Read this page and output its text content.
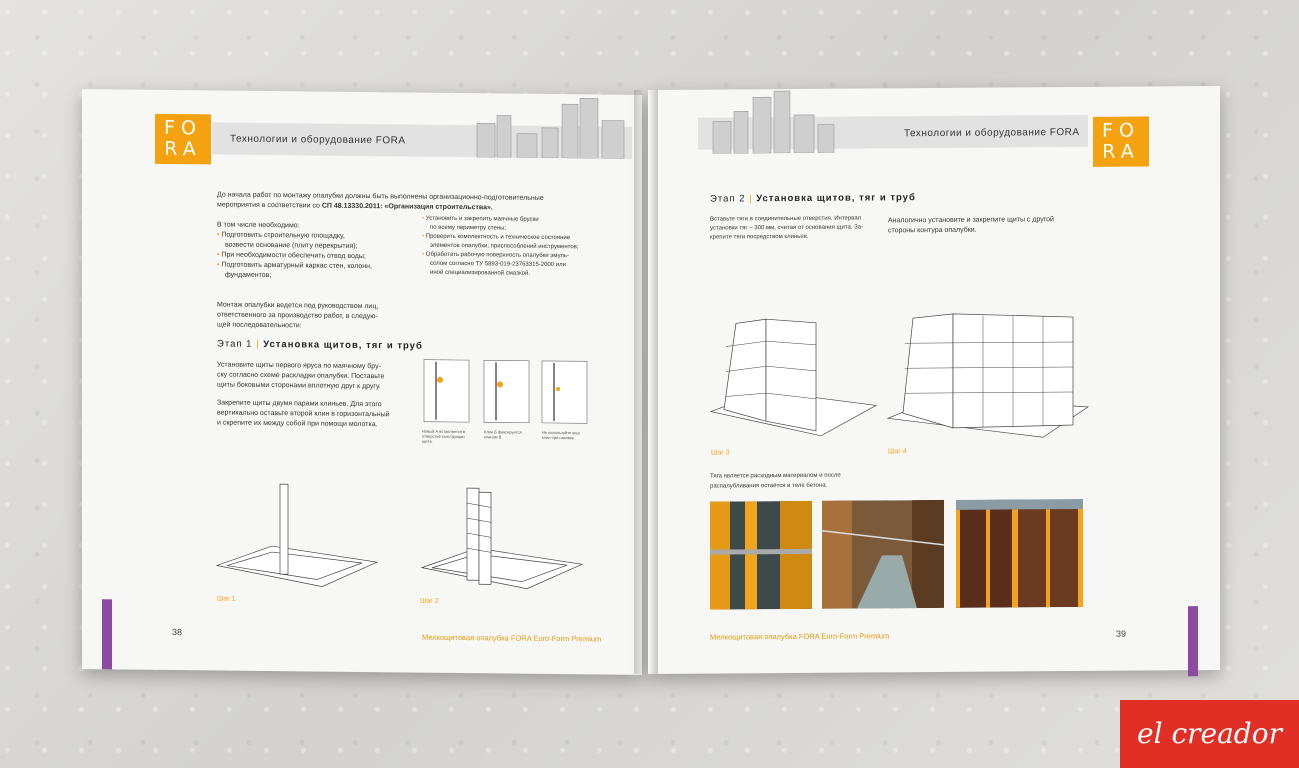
FO
RA	Технологии и оборудование FORA
До начала работ по монтажу опалубки должны быть выполнены организационно-подготовительные
мероприятия в соответствии со СП 48.13330.2011: «Организация строительства».
В том числе необходимо:
• Подготовить строительную площадку,
возвести основание (плиту перекрытия);
• При необходимости обеспечить отвод воды;
• Подготовить арматурный каркас стен, колонн,
фундаментов;
• Установить и закрепить маячные бруски
по всему периметру стены;
• Проверить комплектность и техническое состояние
элементов опалубки, приспособлений инструментов;
• Обработать рабочую поверхность опалубки эмуль-
солом согласно ТУ 5893-019-23763315-2000 или
иной специализированной смазкой.
Монтаж опалубки ведется под руководством лиц,
ответственного за производство работ, в следую-
щей последовательности:
Этап 1 | Установка щитов, тяг и труб
Установите щиты первого яруса по маячному бру-
ску согласно схеме раскладки опалубки. Поставьте
щиты боковыми сторонами вплотную друг к другу.
Закрепите щиты двумя парами клиньев. Для этого
вертикально оставьте второй клин в горизонтальный
и скрепите их между собой при помощи молотка.
Новый А вставляется в отверстие конструкции щита.
Клин Б фиксируется клином В.
Не используйте ваш клин при наковке.
Шаг 1	Шаг 2
38
Мелкощитовая опалубка FORA Euro-Form Premium
Технологии и оборудование FORA	FO
RA
Этап 2 | Установка щитов, тяг и труб
Вставьте тяги в соединительные отверстия. Интервал
установки тяг – 300 мм, считая от основания щита. За-
крепите тяги посредством клиньев.
Аналогично установите и закрепите щиты с другой
стороны контура опалубки.
Шаг 3	Шаг 4
Тяга является расходным материалом и после
распалубливания остаётся в теле бетона.
Мелкощитовая опалубка FORA Euro-Form Premium	39
el creador
